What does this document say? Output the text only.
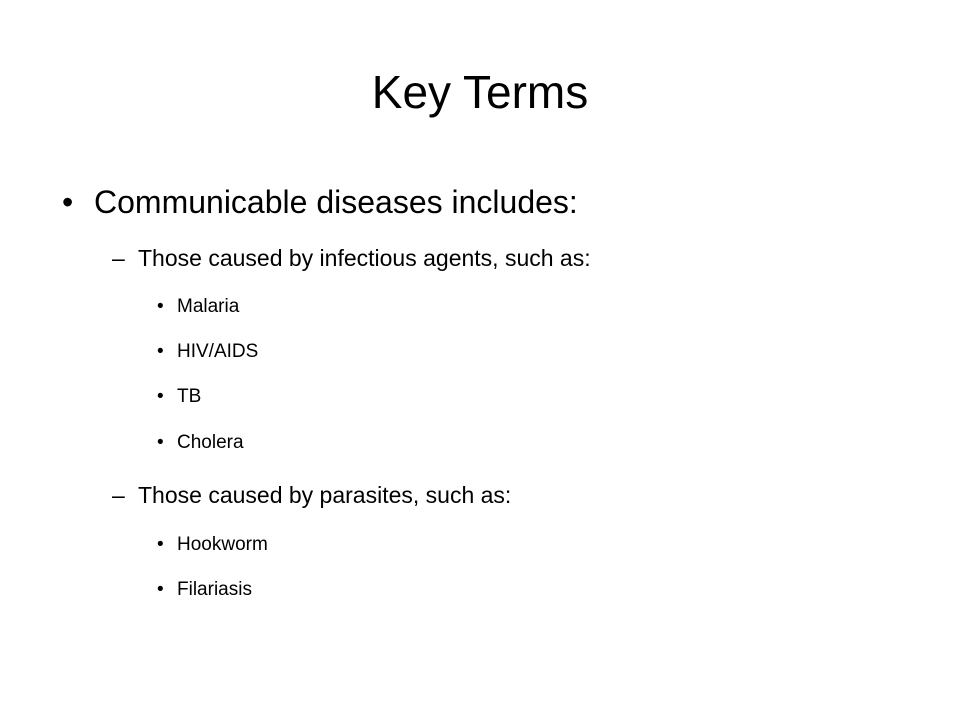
Key Terms
• Communicable diseases includes:
– Those caused by infectious agents, such as:
• Malaria
• HIV/AIDS
• TB
• Cholera
– Those caused by parasites, such as:
• Hookworm
• Filariasis
